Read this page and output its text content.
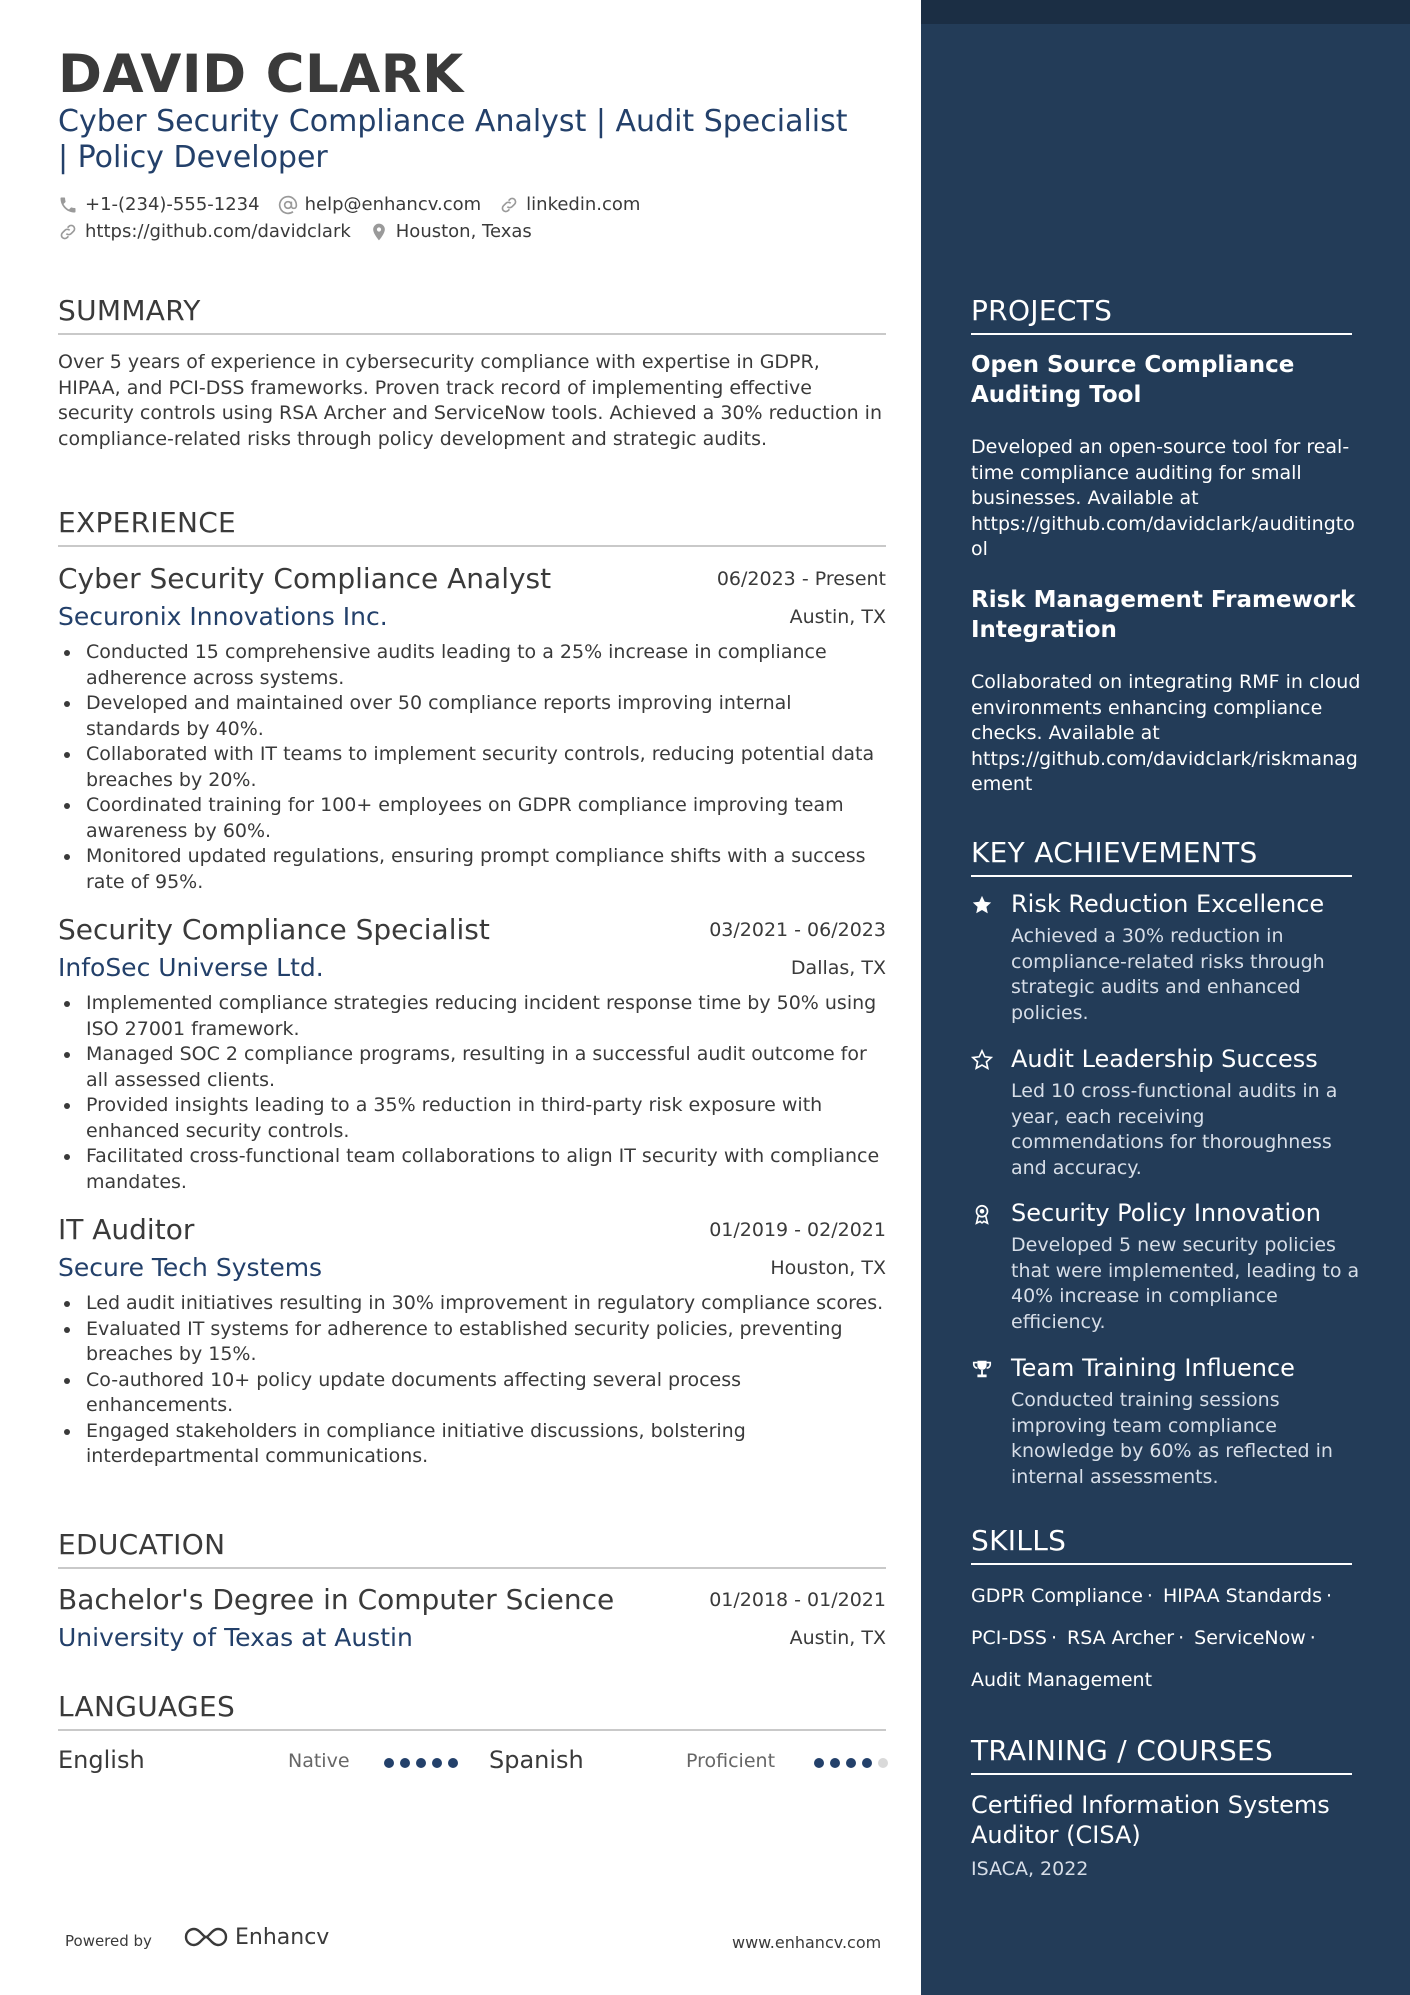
DAVID CLARK
Cyber Security Compliance Analyst | Audit Specialist | Policy Developer
+1-(234)-555-1234	help@enhancv.com	linkedin.com
https://github.com/davidclark	Houston, Texas
SUMMARY
Over 5 years of experience in cybersecurity compliance with expertise in GDPR, HIPAA, and PCI-DSS frameworks. Proven track record of implementing effective security controls using RSA Archer and ServiceNow tools. Achieved a 30% reduction in compliance-related risks through policy development and strategic audits.
EXPERIENCE
Cyber Security Compliance Analyst	06/2023 - Present
Securonix Innovations Inc.	Austin, TX
Conducted 15 comprehensive audits leading to a 25% increase in compliance adherence across systems.
Developed and maintained over 50 compliance reports improving internal standards by 40%.
Collaborated with IT teams to implement security controls, reducing potential data breaches by 20%.
Coordinated training for 100+ employees on GDPR compliance improving team awareness by 60%.
Monitored updated regulations, ensuring prompt compliance shifts with a success rate of 95%.
Security Compliance Specialist	03/2021 - 06/2023
InfoSec Universe Ltd.	Dallas, TX
Implemented compliance strategies reducing incident response time by 50% using ISO 27001 framework.
Managed SOC 2 compliance programs, resulting in a successful audit outcome for all assessed clients.
Provided insights leading to a 35% reduction in third-party risk exposure with enhanced security controls.
Facilitated cross-functional team collaborations to align IT security with compliance mandates.
IT Auditor	01/2019 - 02/2021
Secure Tech Systems	Houston, TX
Led audit initiatives resulting in 30% improvement in regulatory compliance scores.
Evaluated IT systems for adherence to established security policies, preventing breaches by 15%.
Co-authored 10+ policy update documents affecting several process enhancements.
Engaged stakeholders in compliance initiative discussions, bolstering interdepartmental communications.
EDUCATION
Bachelor's Degree in Computer Science	01/2018 - 01/2021
University of Texas at Austin	Austin, TX
LANGUAGES
English	Native	Spanish	Proficient
Powered by	Enhancv	www.enhancv.com
PROJECTS
Open Source Compliance Auditing Tool
Developed an open-source tool for real-time compliance auditing for small businesses. Available at https://github.com/davidclark/auditingtool
Risk Management Framework Integration
Collaborated on integrating RMF in cloud environments enhancing compliance checks. Available at https://github.com/davidclark/riskmanagement
KEY ACHIEVEMENTS
Risk Reduction Excellence
Achieved a 30% reduction in compliance-related risks through strategic audits and enhanced policies.
Audit Leadership Success
Led 10 cross-functional audits in a year, each receiving commendations for thoroughness and accuracy.
Security Policy Innovation
Developed 5 new security policies that were implemented, leading to a 40% increase in compliance efficiency.
Team Training Influence
Conducted training sessions improving team compliance knowledge by 60% as reflected in internal assessments.
SKILLS
GDPR Compliance · HIPAA Standards · PCI-DSS · RSA Archer · ServiceNow · Audit Management
TRAINING / COURSES
Certified Information Systems Auditor (CISA)
ISACA, 2022
